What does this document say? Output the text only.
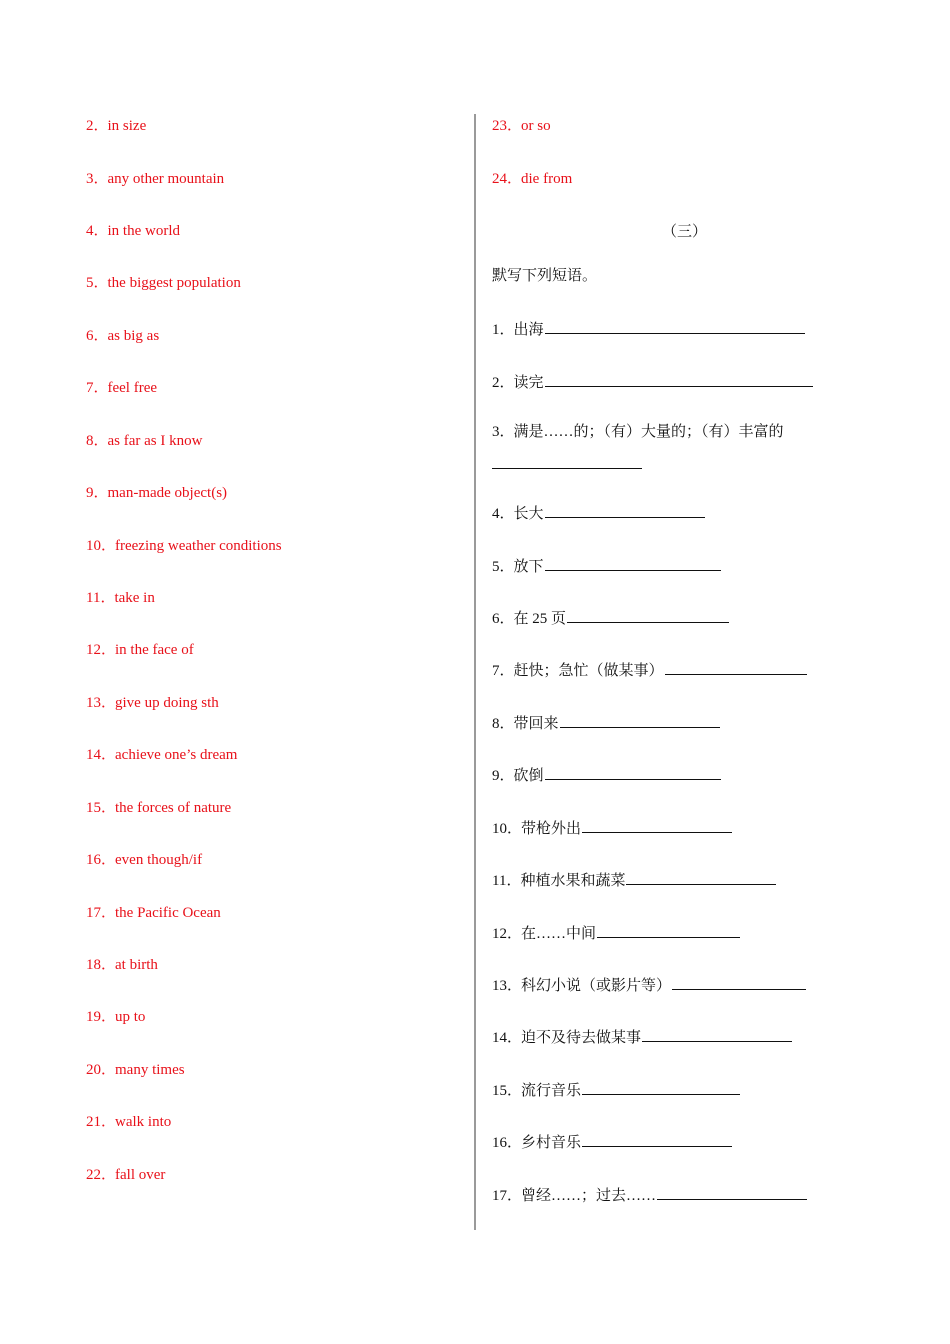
2．in size
3．any other mountain
4．in the world
5．the biggest population
6．as big as
7．feel free
8．as far as I know
9．man-made object(s)
10．freezing weather conditions
11．take in
12．in the face of
13．give up doing sth
14．achieve one’s dream
15．the forces of nature
16．even though/if
17．the Pacific Ocean
18．at birth
19．up to
20．many times
21．walk into
22．fall over
（三）
默写下列短语。
23．or so
24．die from
1．出海
2．读完
3．满是……的；（有）大量的；（有）丰富的
4．长大
5．放下
6．在 25 页
7．赶快；急忙（做某事）
8．带回来
9．砍倒
10．带枪外出
11．种植水果和蔬菜
12．在……中间
13．科幻小说（或影片等）
14．迫不及待去做某事
15．流行音乐
16．乡村音乐
17．曾经……；过去……
